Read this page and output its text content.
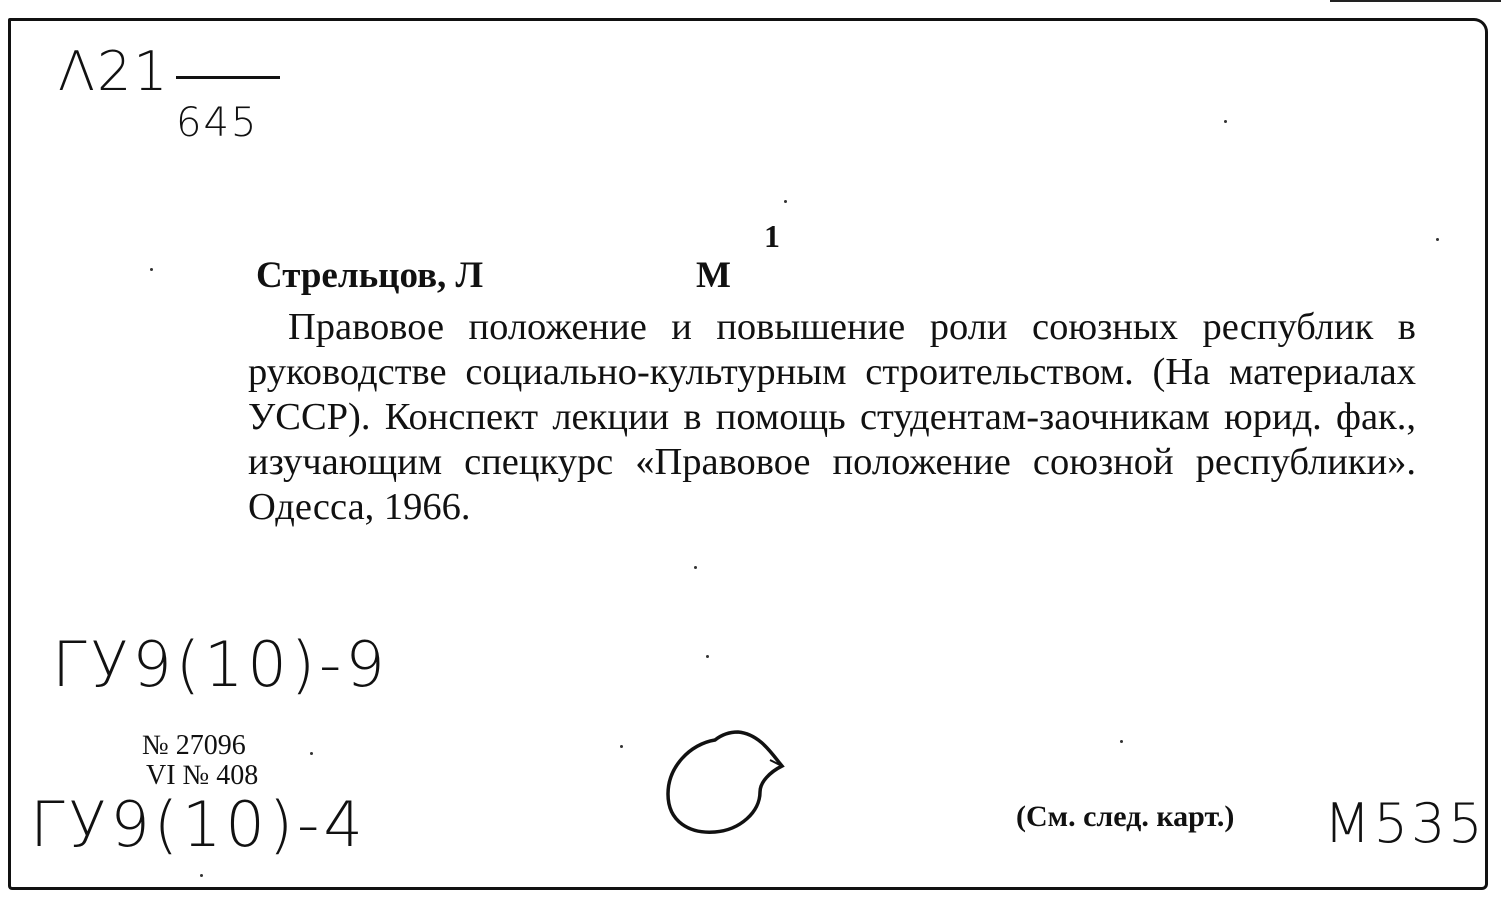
Λ21
645
1
Стрельцов, Л	М
Правовое положение и повышение роли союзных республик в руководстве социально-культурным строительством. (На материалах УССР). Конспект лекции в помощь студентам-заочникам юрид. фак., изучающим спецкурс «Правовое положение союзной республики». Одесса, 1966.
ГУ9(10)-9
№ 27096
VI № 408
ГУ9(10)-4	(См. след. карт.) М535
